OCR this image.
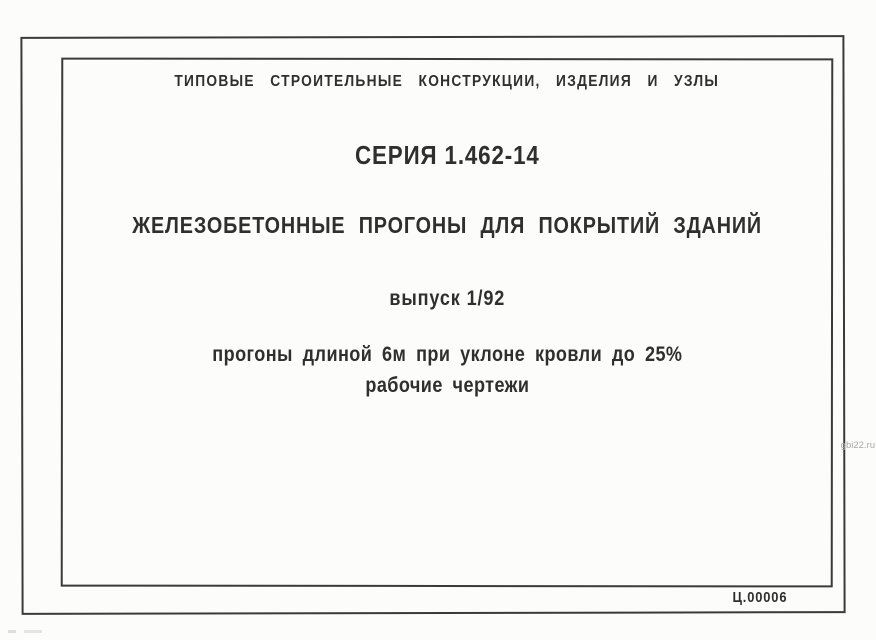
ТИПОВЫЕ СТРОИТЕЛЬНЫЕ КОНСТРУКЦИИ, ИЗДЕЛИЯ И УЗЛЫ
СЕРИЯ 1.462-14
ЖЕЛЕЗОБЕТОННЫЕ ПРОГОНЫ ДЛЯ ПОКРЫТИЙ ЗДАНИЙ
выпуск 1/92
прогоны длиной 6м при уклоне кровли до 25%
рабочие чертежи
Ц.00006
gbi22.ru
